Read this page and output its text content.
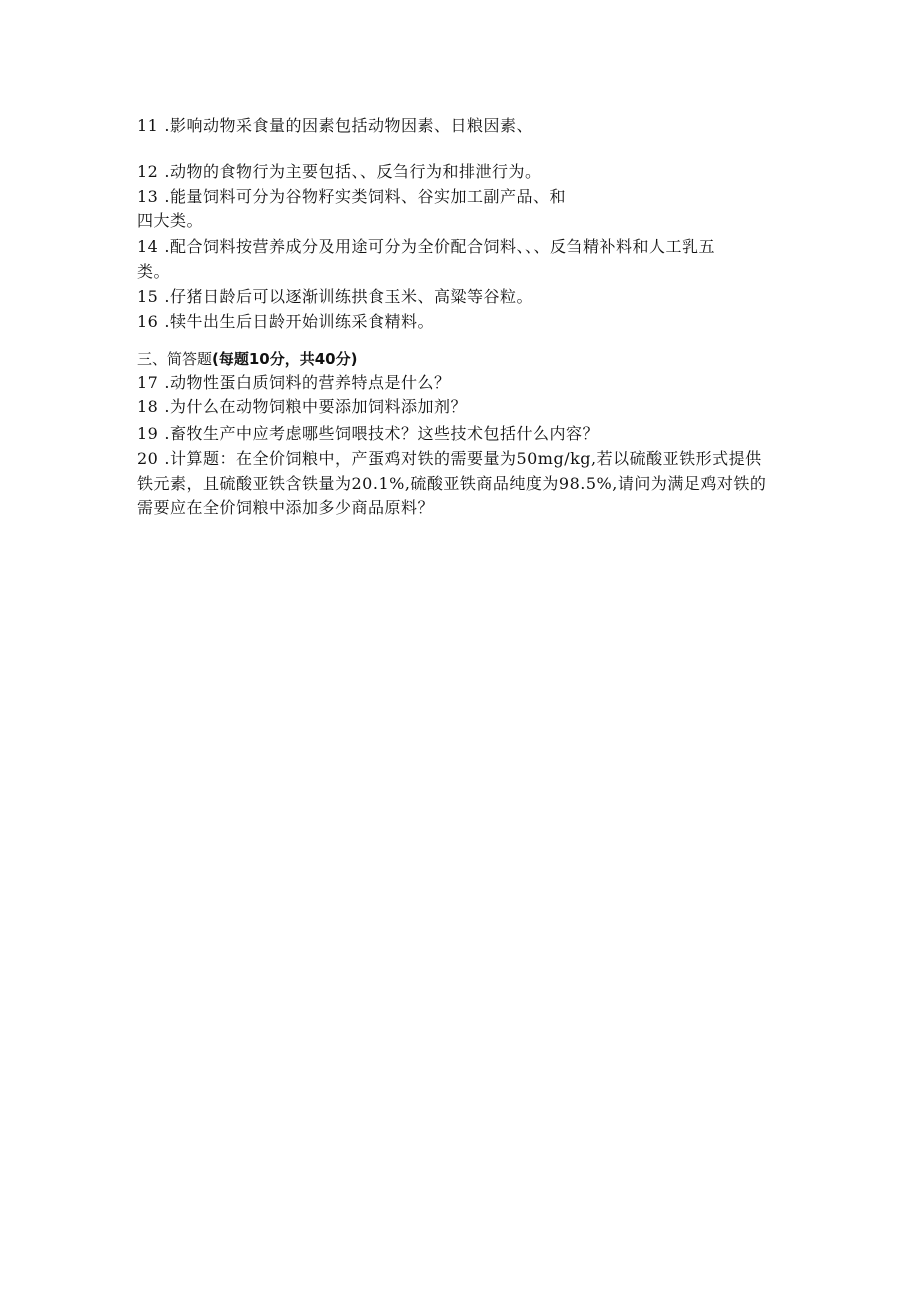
11 .影响动物采食量的因素包括动物因素、日粮因素、
12 .动物的食物行为主要包括、、反刍行为和排泄行为。
13 .能量饲料可分为谷物籽实类饲料、谷实加工副产品、和
四大类。
14 .配合饲料按营养成分及用途可分为全价配合饲料、、、反刍精补料和人工乳五
类。
15 .仔猪日龄后可以逐渐训练拱食玉米、高粱等谷粒。
16 .犊牛出生后日龄开始训练采食精料。
三、简答题(每题10分，共40分)
17 .动物性蛋白质饲料的营养特点是什么？
18 .为什么在动物饲粮中要添加饲料添加剂？
19 .畜牧生产中应考虑哪些饲喂技术？这些技术包括什么内容？
20 .计算题：在全价饲粮中，产蛋鸡对铁的需要量为50mg/kg,若以硫酸亚铁形式提供
铁元素，且硫酸亚铁含铁量为20.1%,硫酸亚铁商品纯度为98.5%,请问为满足鸡对铁的
需要应在全价饲粮中添加多少商品原料？
